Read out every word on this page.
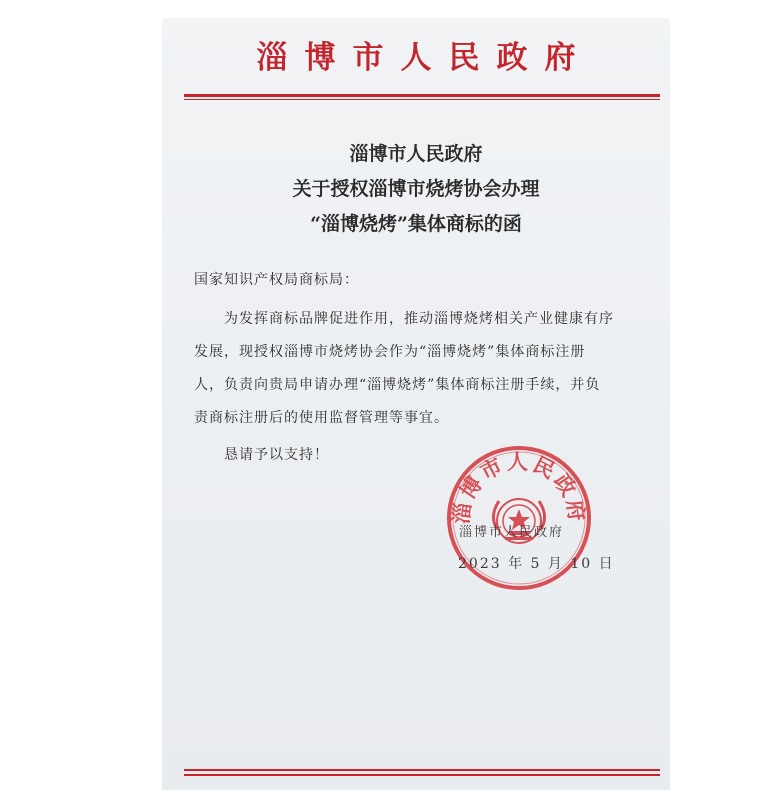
淄博市人民政府
淄博市人民政府
关于授权淄博市烧烤协会办理
“淄博烧烤”集体商标的函
国家知识产权局商标局：
为发挥商标品牌促进作用，推动淄博烧烤相关产业健康有序
发展，现授权淄博市烧烤协会作为“淄博烧烤”集体商标注册
人，负责向贵局申请办理“淄博烧烤”集体商标注册手续，并负
责商标注册后的使用监督管理等事宜。
恳请予以支持！
淄博市人民政府
淄博市人民政府
2023 年 5 月 10 日
